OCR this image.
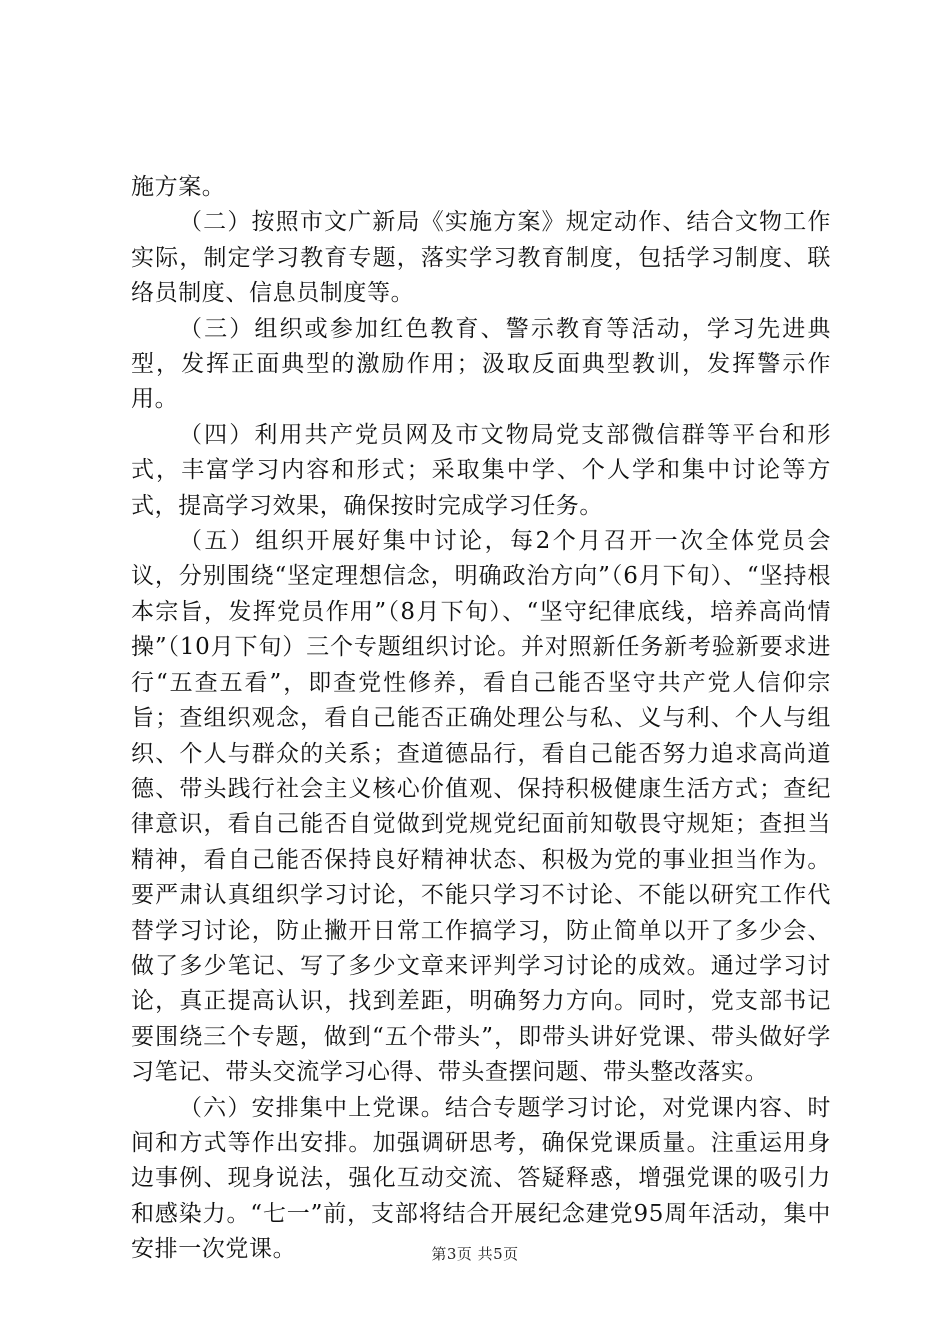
施方案。

（二）按照市文广新局《实施方案》规定动作、结合文物工作实际，制定学习教育专题，落实学习教育制度，包括学习制度、联络员制度、信息员制度等。

（三）组织或参加红色教育、警示教育等活动，学习先进典型，发挥正面典型的激励作用；汲取反面典型教训，发挥警示作用。

（四）利用共产党员网及市文物局党支部微信群等平台和形式，丰富学习内容和形式；采取集中学、个人学和集中讨论等方式，提高学习效果，确保按时完成学习任务。

（五）组织开展好集中讨论，每2个月召开一次全体党员会议，分别围绕“坚定理想信念，明确政治方向”（6月下旬）、“坚持根本宗旨，发挥党员作用”（8月下旬）、“坚守纪律底线，培养高尚情操”（10月下旬）三个专题组织讨论。并对照新任务新考验新要求进行“五查五看”，即查党性修养，看自己能否坚守共产党人信仰宗旨；查组织观念，看自己能否正确处理公与私、义与利、个人与组织、个人与群众的关系；查道德品行，看自己能否努力追求高尚道德、带头践行社会主义核心价值观、保持积极健康生活方式；查纪律意识，看自己能否自觉做到党规党纪面前知敬畏守规矩；查担当精神，看自己能否保持良好精神状态、积极为党的事业担当作为。要严肃认真组织学习讨论，不能只学习不讨论、不能以研究工作代替学习讨论，防止撇开日常工作搞学习，防止简单以开了多少会、做了多少笔记、写了多少文章来评判学习讨论的成效。通过学习讨论，真正提高认识，找到差距，明确努力方向。同时，党支部书记要围绕三个专题，做到“五个带头”，即带头讲好党课、带头做好学习笔记、带头交流学习心得、带头查摆问题、带头整改落实。

（六）安排集中上党课。结合专题学习讨论，对党课内容、时间和方式等作出安排。加强调研思考，确保党课质量。注重运用身边事例、现身说法，强化互动交流、答疑释惑，增强党课的吸引力和感染力。“七一”前，支部将结合开展纪念建党95周年活动，集中安排一次党课。	第3页 共5页
